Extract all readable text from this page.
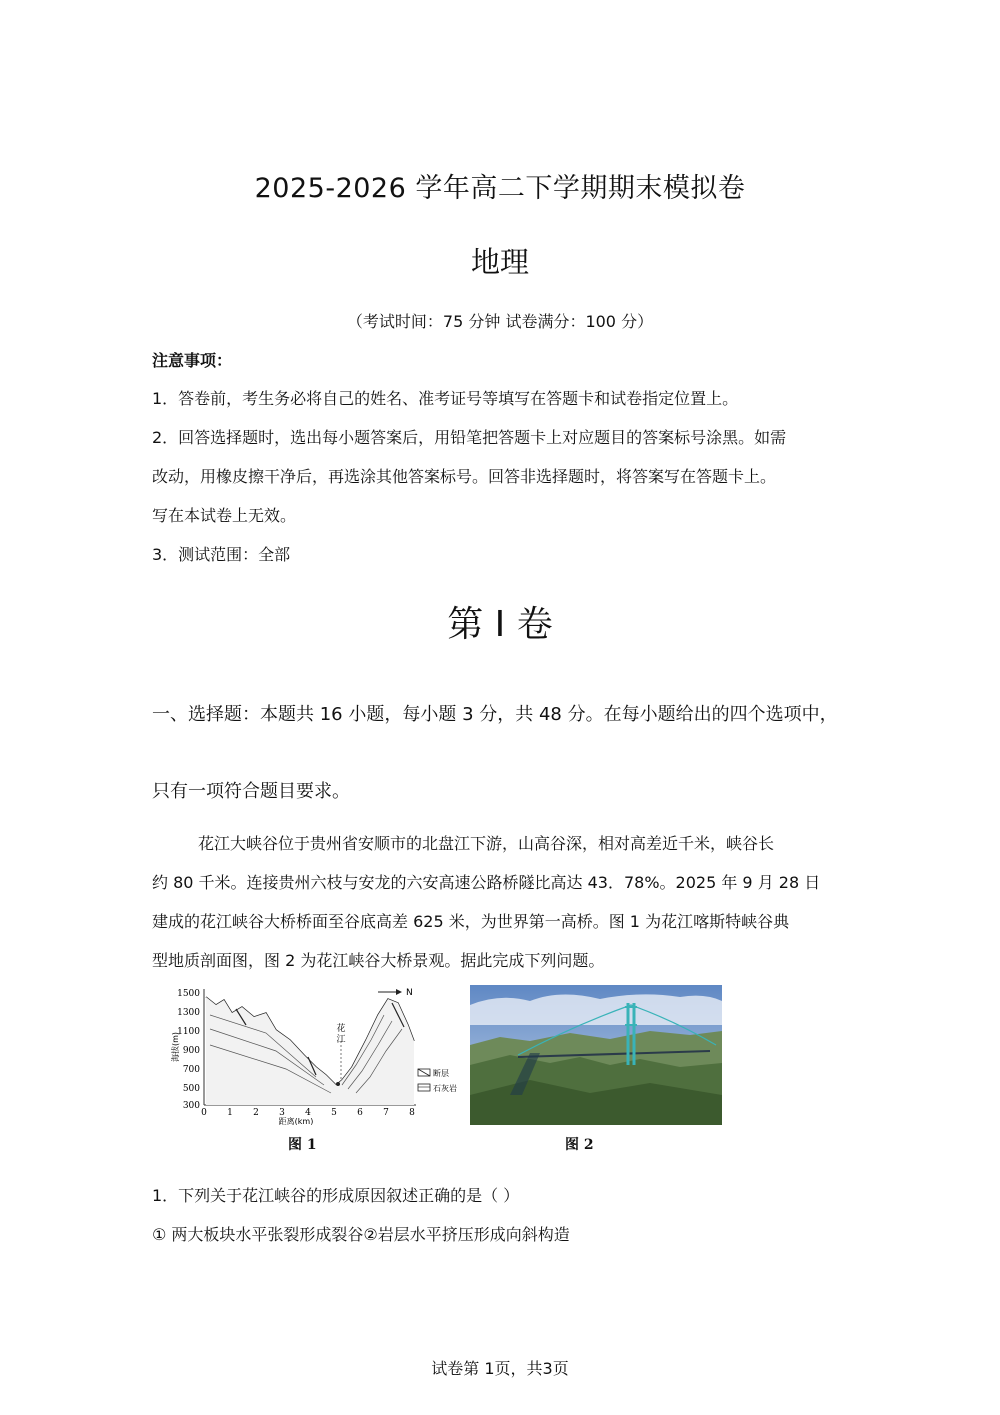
2025-2026 学年高二下学期期末模拟卷
地理
（考试时间：75 分钟 试卷满分：100 分）
注意事项：
1．答卷前，考生务必将自己的姓名、准考证号等填写在答题卡和试卷指定位置上。
2．回答选择题时，选出每小题答案后，用铅笔把答题卡上对应题目的答案标号涂黑。如需
改动，用橡皮擦干净后，再选涂其他答案标号。回答非选择题时，将答案写在答题卡上。
写在本试卷上无效。
3．测试范围：全部
第 I 卷
一、选择题：本题共 16 小题，每小题 3 分，共 48 分。在每小题给出的四个选项中，
只有一项符合题目要求。
花江大峡谷位于贵州省安顺市的北盘江下游，山高谷深，相对高差近千米，峡谷长
约 80 千米。连接贵州六枝与安龙的六安高速公路桥隧比高达 43．78%。2025 年 9 月 28 日
建成的花江峡谷大桥桥面至谷底高差 625 米，为世界第一高桥。图 1 为花江喀斯特峡谷典
型地质剖面图，图 2 为花江峡谷大桥景观。据此完成下列问题。
1500
1300
1100
900
700
500
300
海拔(m)
0 1 2 3 4 5 6 7 8
距离(km)
花
江
N
断层
石灰岩
图 1	图 2
1．下列关于花江峡谷的形成原因叙述正确的是（ ）
① 两大板块水平张裂形成裂谷②岩层水平挤压形成向斜构造
试卷第 1页，共3页
